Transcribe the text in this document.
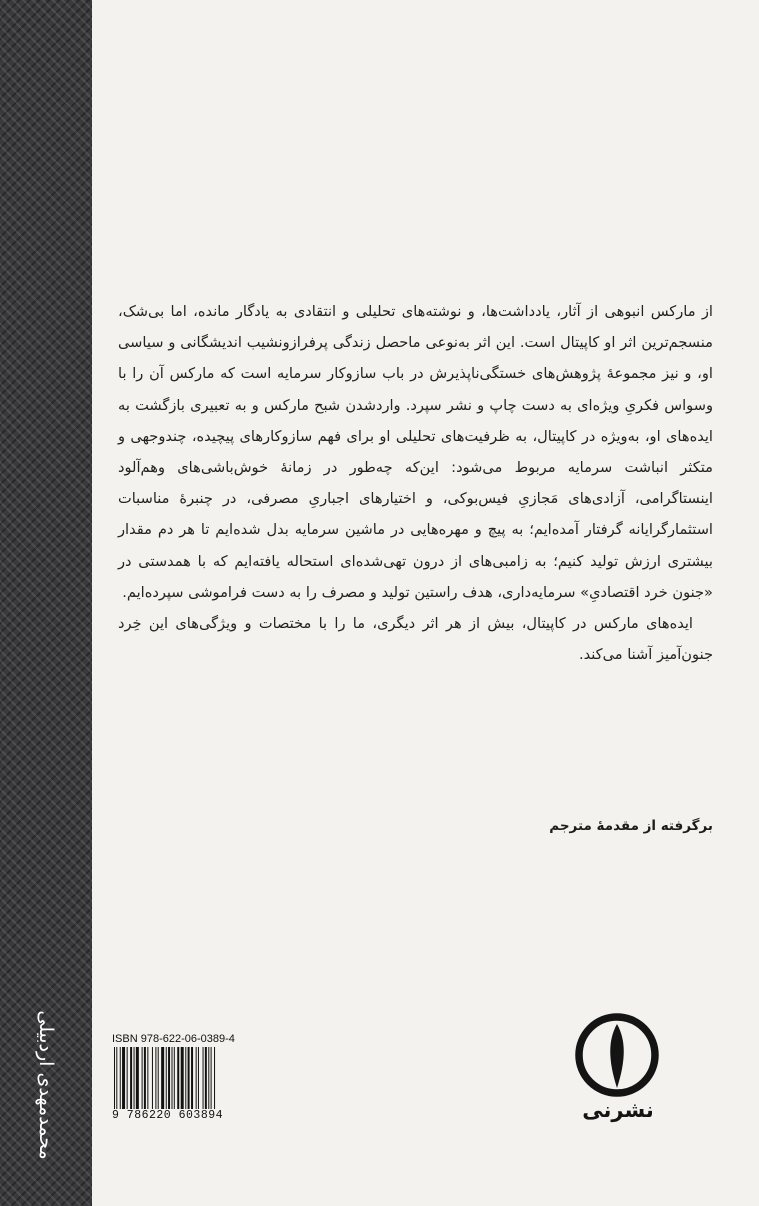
ﻣﺤﻤﺪﻣﻬﺪﯼ ﺍﺭﺩﺑﯿﻠﯽ

از مارکس انبوهی از آثار، یادداشت‌ها، و نوشته‌های تحلیلی و انتقادی به یادگار مانده، اما بی‌شک، منسجم‌ترین اثر او کاپیتال است. این اثر به‌نوعی ماحصل زندگی پرفرازونشیب اندیشگانی و سیاسی او، و نیز مجموعهٔ پژوهش‌های خستگی‌ناپذیرش در باب سازوکار سرمایه است که مارکس آن را با وسواس فکریِ ویژه‌ای به دست چاپ و نشر سپرد. واردشدن شبح مارکس و به تعبیری بازگشت به ایده‌های او، به‌ویژه در کاپیتال، به ظرفیت‌های تحلیلی او برای فهم سازوکارهای پیچیده، چندوجهی و متکثر انباشت سرمایه مربوط می‌شود: این‌که چه‌طور در زمانهٔ خوش‌باشی‌های وهم‌آلود اینستاگرامی، آزادی‌های مَجازیِ فیس‌بوکی، و اختیارهای اجباریِ مصرفی، در چنبرهٔ مناسبات استثمارگرایانه گرفتار آمده‌ایم؛ به پیچ و مهره‌هایی در ماشین سرمایه بدل شده‌ایم تا هر دم مقدار بیشتری ارزش تولید کنیم؛ به زامبی‌های از درون تهی‌شده‌ای استحاله یافته‌ایم که با همدستی در «جنون خرد اقتصادیِ» سرمایه‌داری، هدف راستین تولید و مصرف را به دست فراموشی سپرده‌ایم.

ایده‌های مارکس در کاپیتال، بیش از هر اثر دیگری، ما را با مختصات و ویژگی‌های این خِرد جنون‌آمیز آشنا می‌کند.

برگرفته از مقدمهٔ مترجم
ISBN 978-622-06-0389-4
9 786220 603894	نشرنی
